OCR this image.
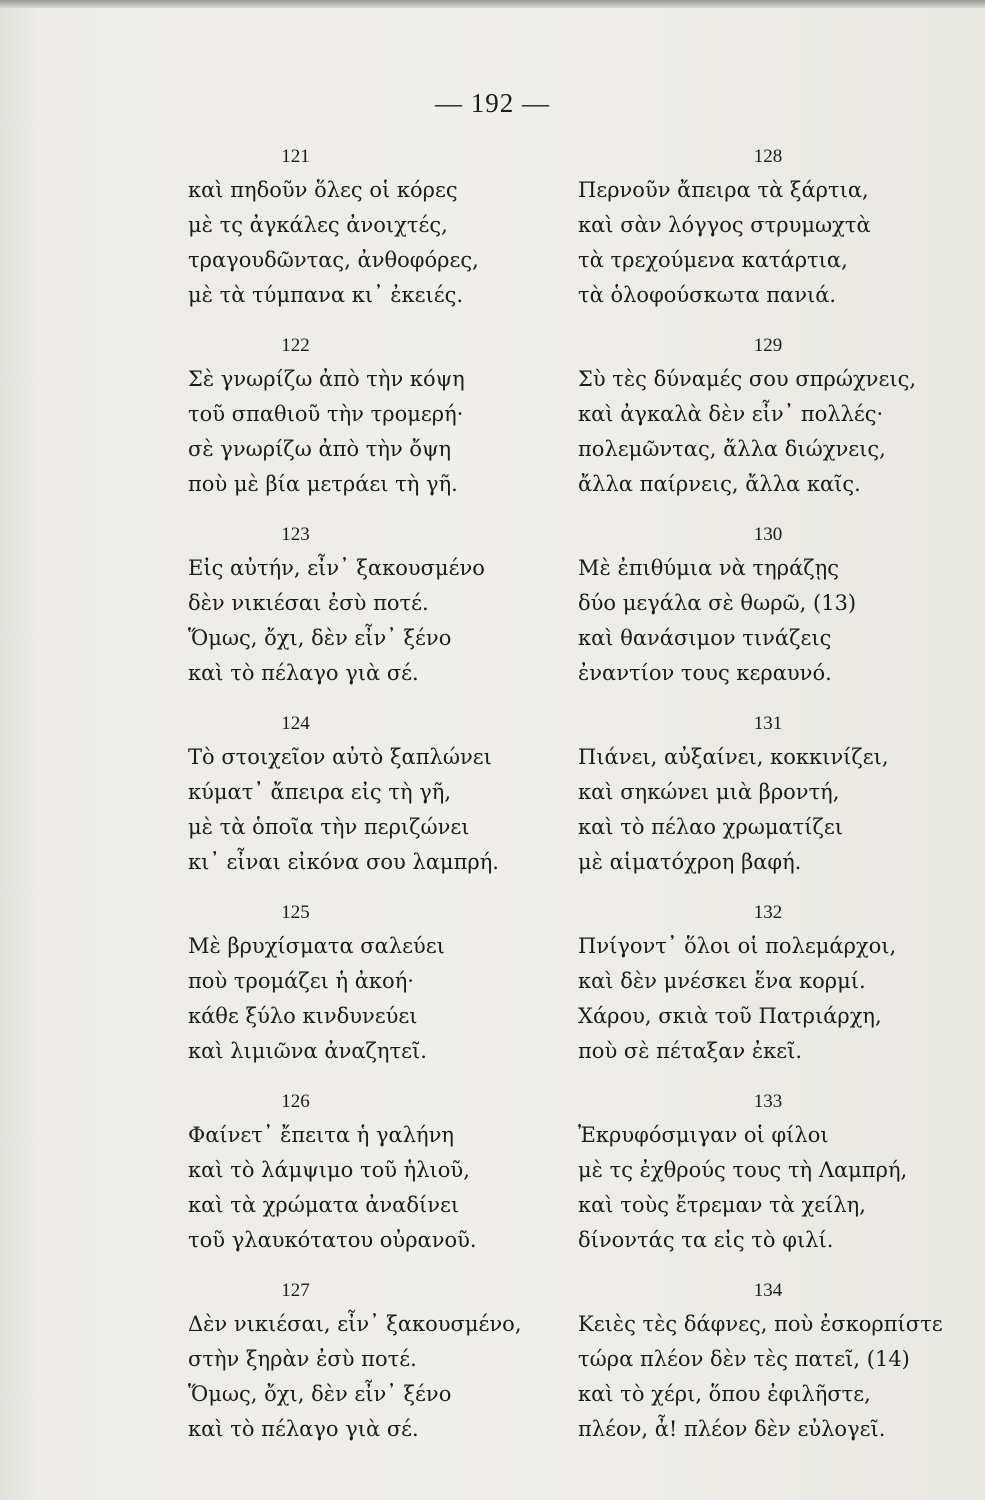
— 192 —
121
καὶ πηδοῦν ὅλες οἱ κόρες
μὲ τς ἀγκάλες ἀνοιχτές,
τραγουδῶντας, ἀνθοφόρες,
μὲ τὰ τύμπανα κι᾽ ἐκειές.
122
Σὲ γνωρίζω ἀπὸ τὴν κόψη
τοῦ σπαθιοῦ τὴν τρομερή·
σὲ γνωρίζω ἀπὸ τὴν ὄψη
ποὺ μὲ βία μετράει τὴ γῆ.
123
Εἰς αὐτήν, εἶν᾽ ξακουσμένο
δὲν νικιέσαι ἐσὺ ποτέ.
Ὅμως, ὄχι, δὲν εἶν᾽ ξένο
καὶ τὸ πέλαγο γιὰ σέ.
124
Τὸ στοιχεῖον αὐτὸ ξαπλώνει
κύματ᾽ ἄπειρα εἰς τὴ γῆ,
μὲ τὰ ὁποῖα τὴν περιζώνει
κι᾽ εἶναι εἰκόνα σου λαμπρή.
125
Μὲ βρυχίσματα σαλεύει
ποὺ τρομάζει ἡ ἀκοή·
κάθε ξύλο κινδυνεύει
καὶ λιμιῶνα ἀναζητεῖ.
126
Φαίνετ᾽ ἔπειτα ἡ γαλήνη
καὶ τὸ λάμψιμο τοῦ ἡλιοῦ,
καὶ τὰ χρώματα ἀναδίνει
τοῦ γλαυκότατου οὐρανοῦ.
127
Δὲν νικιέσαι, εἶν᾽ ξακουσμένο,
στὴν ξηρὰν ἐσὺ ποτέ.
Ὅμως, ὄχι, δὲν εἶν᾽ ξένο
καὶ τὸ πέλαγο γιὰ σέ.
128
Περνοῦν ἄπειρα τὰ ξάρτια,
καὶ σὰν λόγγος στρυμωχτὰ
τὰ τρεχούμενα κατάρτια,
τὰ ὁλοφούσκωτα πανιά.
129
Σὺ τὲς δύναμές σου σπρώχνεις,
καὶ ἀγκαλὰ δὲν εἶν᾽ πολλές·
πολεμῶντας, ἄλλα διώχνεις,
ἄλλα παίρνεις, ἄλλα καῖς.
130
Μὲ ἐπιθύμια νὰ τηράζῃς
δύο μεγάλα σὲ θωρῶ, (13)
καὶ θανάσιμον τινάζεις
ἐναντίον τους κεραυνό.
131
Πιάνει, αὐξαίνει, κοκκινίζει,
καὶ σηκώνει μιὰ βροντή,
καὶ τὸ πέλαο χρωματίζει
μὲ αἱματόχροη βαφή.
132
Πνίγοντ᾽ ὅλοι οἱ πολεμάρχοι,
καὶ δὲν μνέσκει ἕνα κορμί.
Χάρου, σκιὰ τοῦ Πατριάρχη,
ποὺ σὲ πέταξαν ἐκεῖ.
133
Ἐκρυφόσμιγαν οἱ φίλοι
μὲ τς ἐχθρούς τους τὴ Λαμπρή,
καὶ τοὺς ἔτρεμαν τὰ χείλη,
δίνοντάς τα εἰς τὸ φιλί.
134
Κειὲς τὲς δάφνες, ποὺ ἐσκορπίστε
τώρα πλέον δὲν τὲς πατεῖ, (14)
καὶ τὸ χέρι, ὅπου ἐφιλῆστε,
πλέον, ἆ! πλέον δὲν εὐλογεῖ.
